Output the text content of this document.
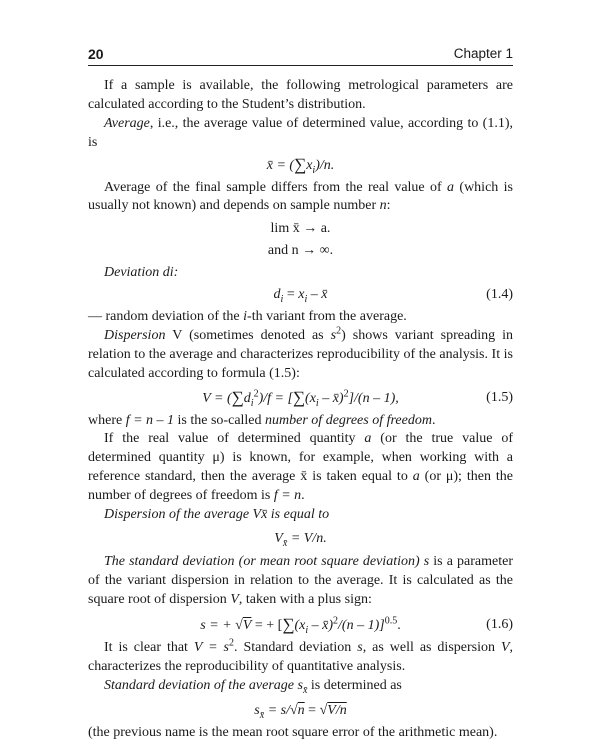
20	Chapter 1

If a sample is available, the following metrological parameters are calculated according to the Student’s distribution.

Average, i.e., the average value of determined value, according to (1.1), is

x̄ = $(\sum x_i)/n$.

Average of the final sample differs from the real value of a (which is usually not known) and depends on sample number n:

lim x̄ → a.
and n → ∞.

Deviation di:

$d_i = x_i$ – x̄	(1.4)

— random deviation of the i-th variant from the average.

Dispersion V (sometimes denoted as $s^2$) shows variant spreading in relation to the average and characterizes reproducibility of the analysis. It is calculated according to formula (1.5):

$V = (\sum d_i^2)/f = [\sum(x_i$ – x̄)$^2$]/(n – 1),	(1.5)

where f = n – 1 is the so-called number of degrees of freedom.

If the real value of determined quantity a (or the true value of determined quantity μ) is known, for example, when working with a reference standard, then the average x̄ is taken equal to a (or μ); then the number of degrees of freedom is f = n.

Dispersion of the average Vx̄ is equal to

$V_{x̄} = V/n$.

The standard deviation (or mean root square deviation) s is a parameter of the variant dispersion in relation to the average. It is calculated as the square root of dispersion V, taken with a plus sign:

s = + √V = + [$\sum(x_i$ – x̄)$^2$/(n – 1)]$^{0.5}$.	(1.6)

It is clear that $V = s^2$. Standard deviation s, as well as dispersion V, characterizes the reproducibility of quantitative analysis.

Standard deviation of the average $s_{x̄}$ is determined as

$s_{x̄} = s/√n = √V/n$

(the previous name is the mean root square error of the arithmetic mean).
